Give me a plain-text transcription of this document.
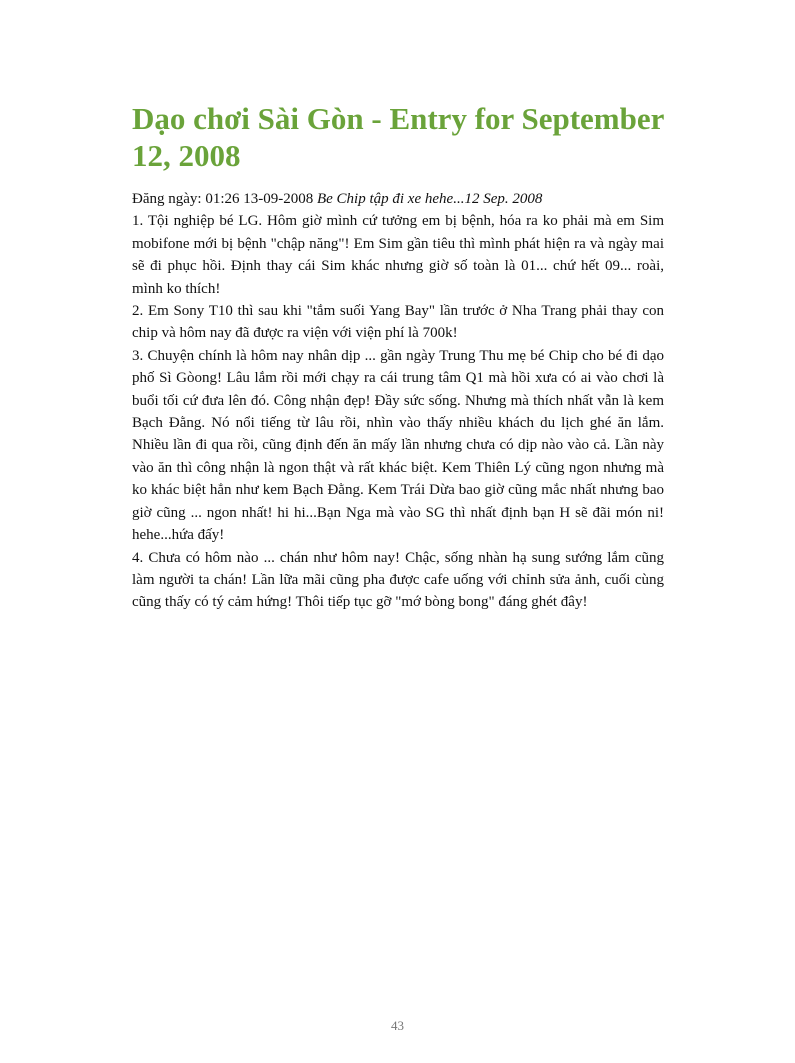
Dạo chơi Sài Gòn - Entry for September 12, 2008

Đăng ngày: 01:26 13-09-2008 Be Chip tập đi xe hehe...12 Sep. 2008

1. Tội nghiệp bé LG. Hôm giờ mình cứ tưởng em bị bệnh, hóa ra ko phải mà em Sim mobifone mới bị bệnh "chập năng"! Em Sim gần tiêu thì mình phát hiện ra và ngày mai sẽ đi phục hồi. Định thay cái Sim khác nhưng giờ số toàn là 01... chứ hết 09... roài, mình ko thích!

2. Em Sony T10 thì sau khi "tắm suối Yang Bay" lần trước ở Nha Trang phải thay con chip và hôm nay đã được ra viện với viện phí là 700k!

3. Chuyện chính là hôm nay nhân dịp ... gần ngày Trung Thu mẹ bé Chip cho bé đi dạo phố Sì Gòong! Lâu lắm rồi mới chạy ra cái trung tâm Q1 mà hồi xưa có ai vào chơi là buổi tối cứ đưa lên đó. Công nhận đẹp! Đầy sức sống. Nhưng mà thích nhất vẫn là kem Bạch Đằng. Nó nổi tiếng từ lâu rồi, nhìn vào thấy nhiều khách du lịch ghé ăn lắm. Nhiều lần đi qua rồi, cũng định đến ăn mấy lần nhưng chưa có dịp nào vào cả. Lần này vào ăn thì công nhận là ngon thật và rất khác biệt. Kem Thiên Lý cũng ngon nhưng mà ko khác biệt hẳn như kem Bạch Đằng. Kem Trái Dừa bao giờ cũng mắc nhất nhưng bao giờ cũng ... ngon nhất! hi hi...Bạn Nga mà vào SG thì nhất định bạn H sẽ đãi món ni! hehe...hứa đấy!

4. Chưa có hôm nào ... chán như hôm nay! Chậc, sống nhàn hạ sung sướng lắm cũng làm người ta chán! Lần lữa mãi cũng pha được cafe uống với chỉnh sửa ảnh, cuối cùng cũng thấy có tý cảm hứng! Thôi tiếp tục gỡ "mớ bòng bong" đáng ghét đây!

43
